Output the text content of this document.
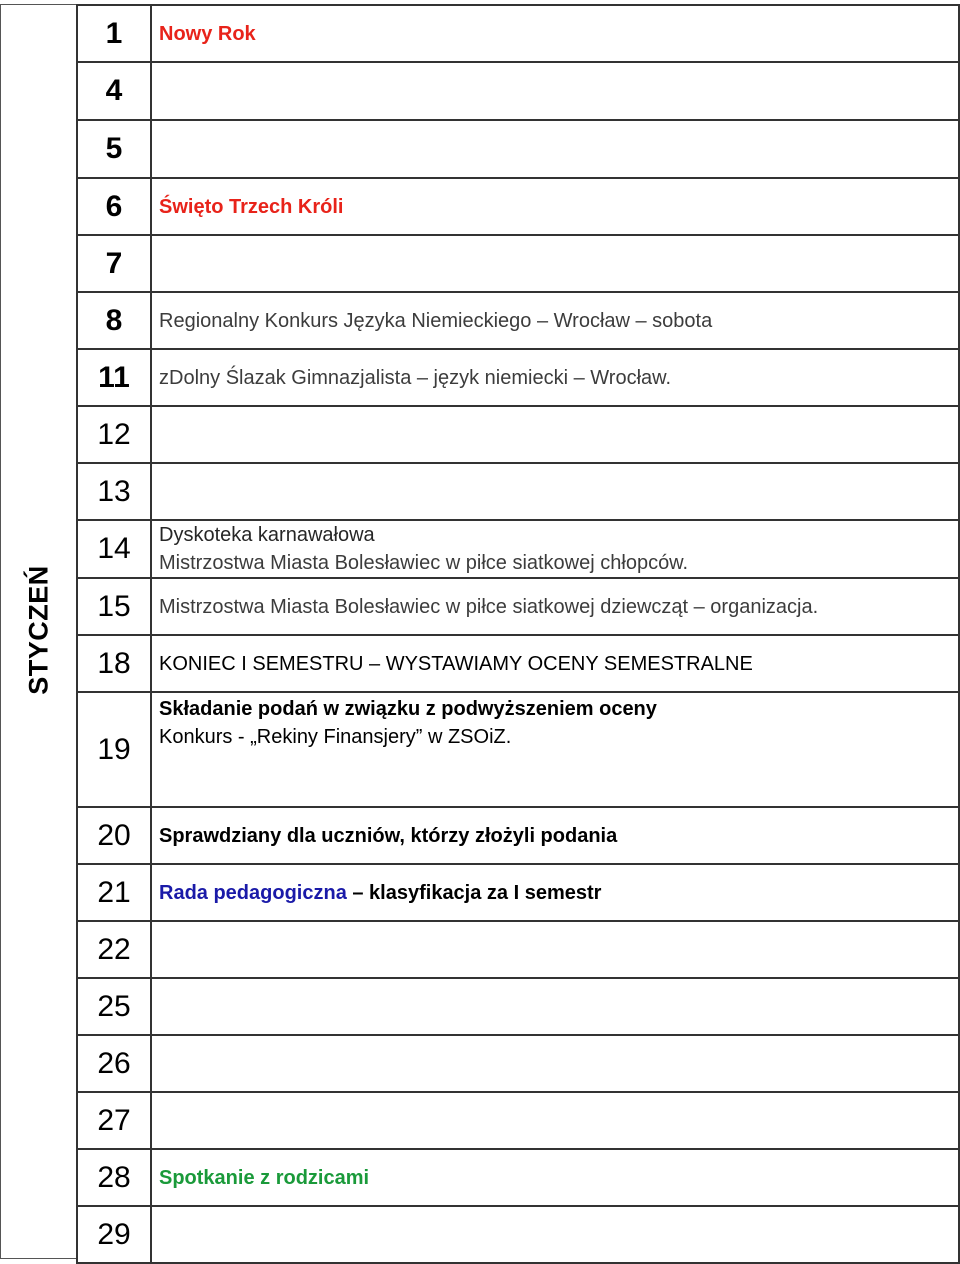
STYCZEŃ
1	Nowy Rok
4	
5	
6	Święto Trzech Króli
7	
8	Regionalny Konkurs Języka Niemieckiego – Wrocław – sobota
11	zDolny Ślazak Gimnazjalista – język niemiecki – Wrocław.
12	
13	
14	Dyskoteka karnawałowa
Mistrzostwa Miasta Bolesławiec w piłce siatkowej chłopców.

15	Mistrzostwa Miasta Bolesławiec w piłce siatkowej dziewcząt – organizacja.
18	KONIEC I SEMESTRU – WYSTAWIAMY OCENY SEMESTRALNE
19	Składanie podań w związku z podwyższeniem oceny
Konkurs - „Rekiny Finansjery” w ZSOiZ.

20	Sprawdziany dla uczniów, którzy złożyli podania
21	Rada pedagogiczna – klasyfikacja za I semestr
22	
25	
26	
27	
28	Spotkanie z rodzicami
29	
